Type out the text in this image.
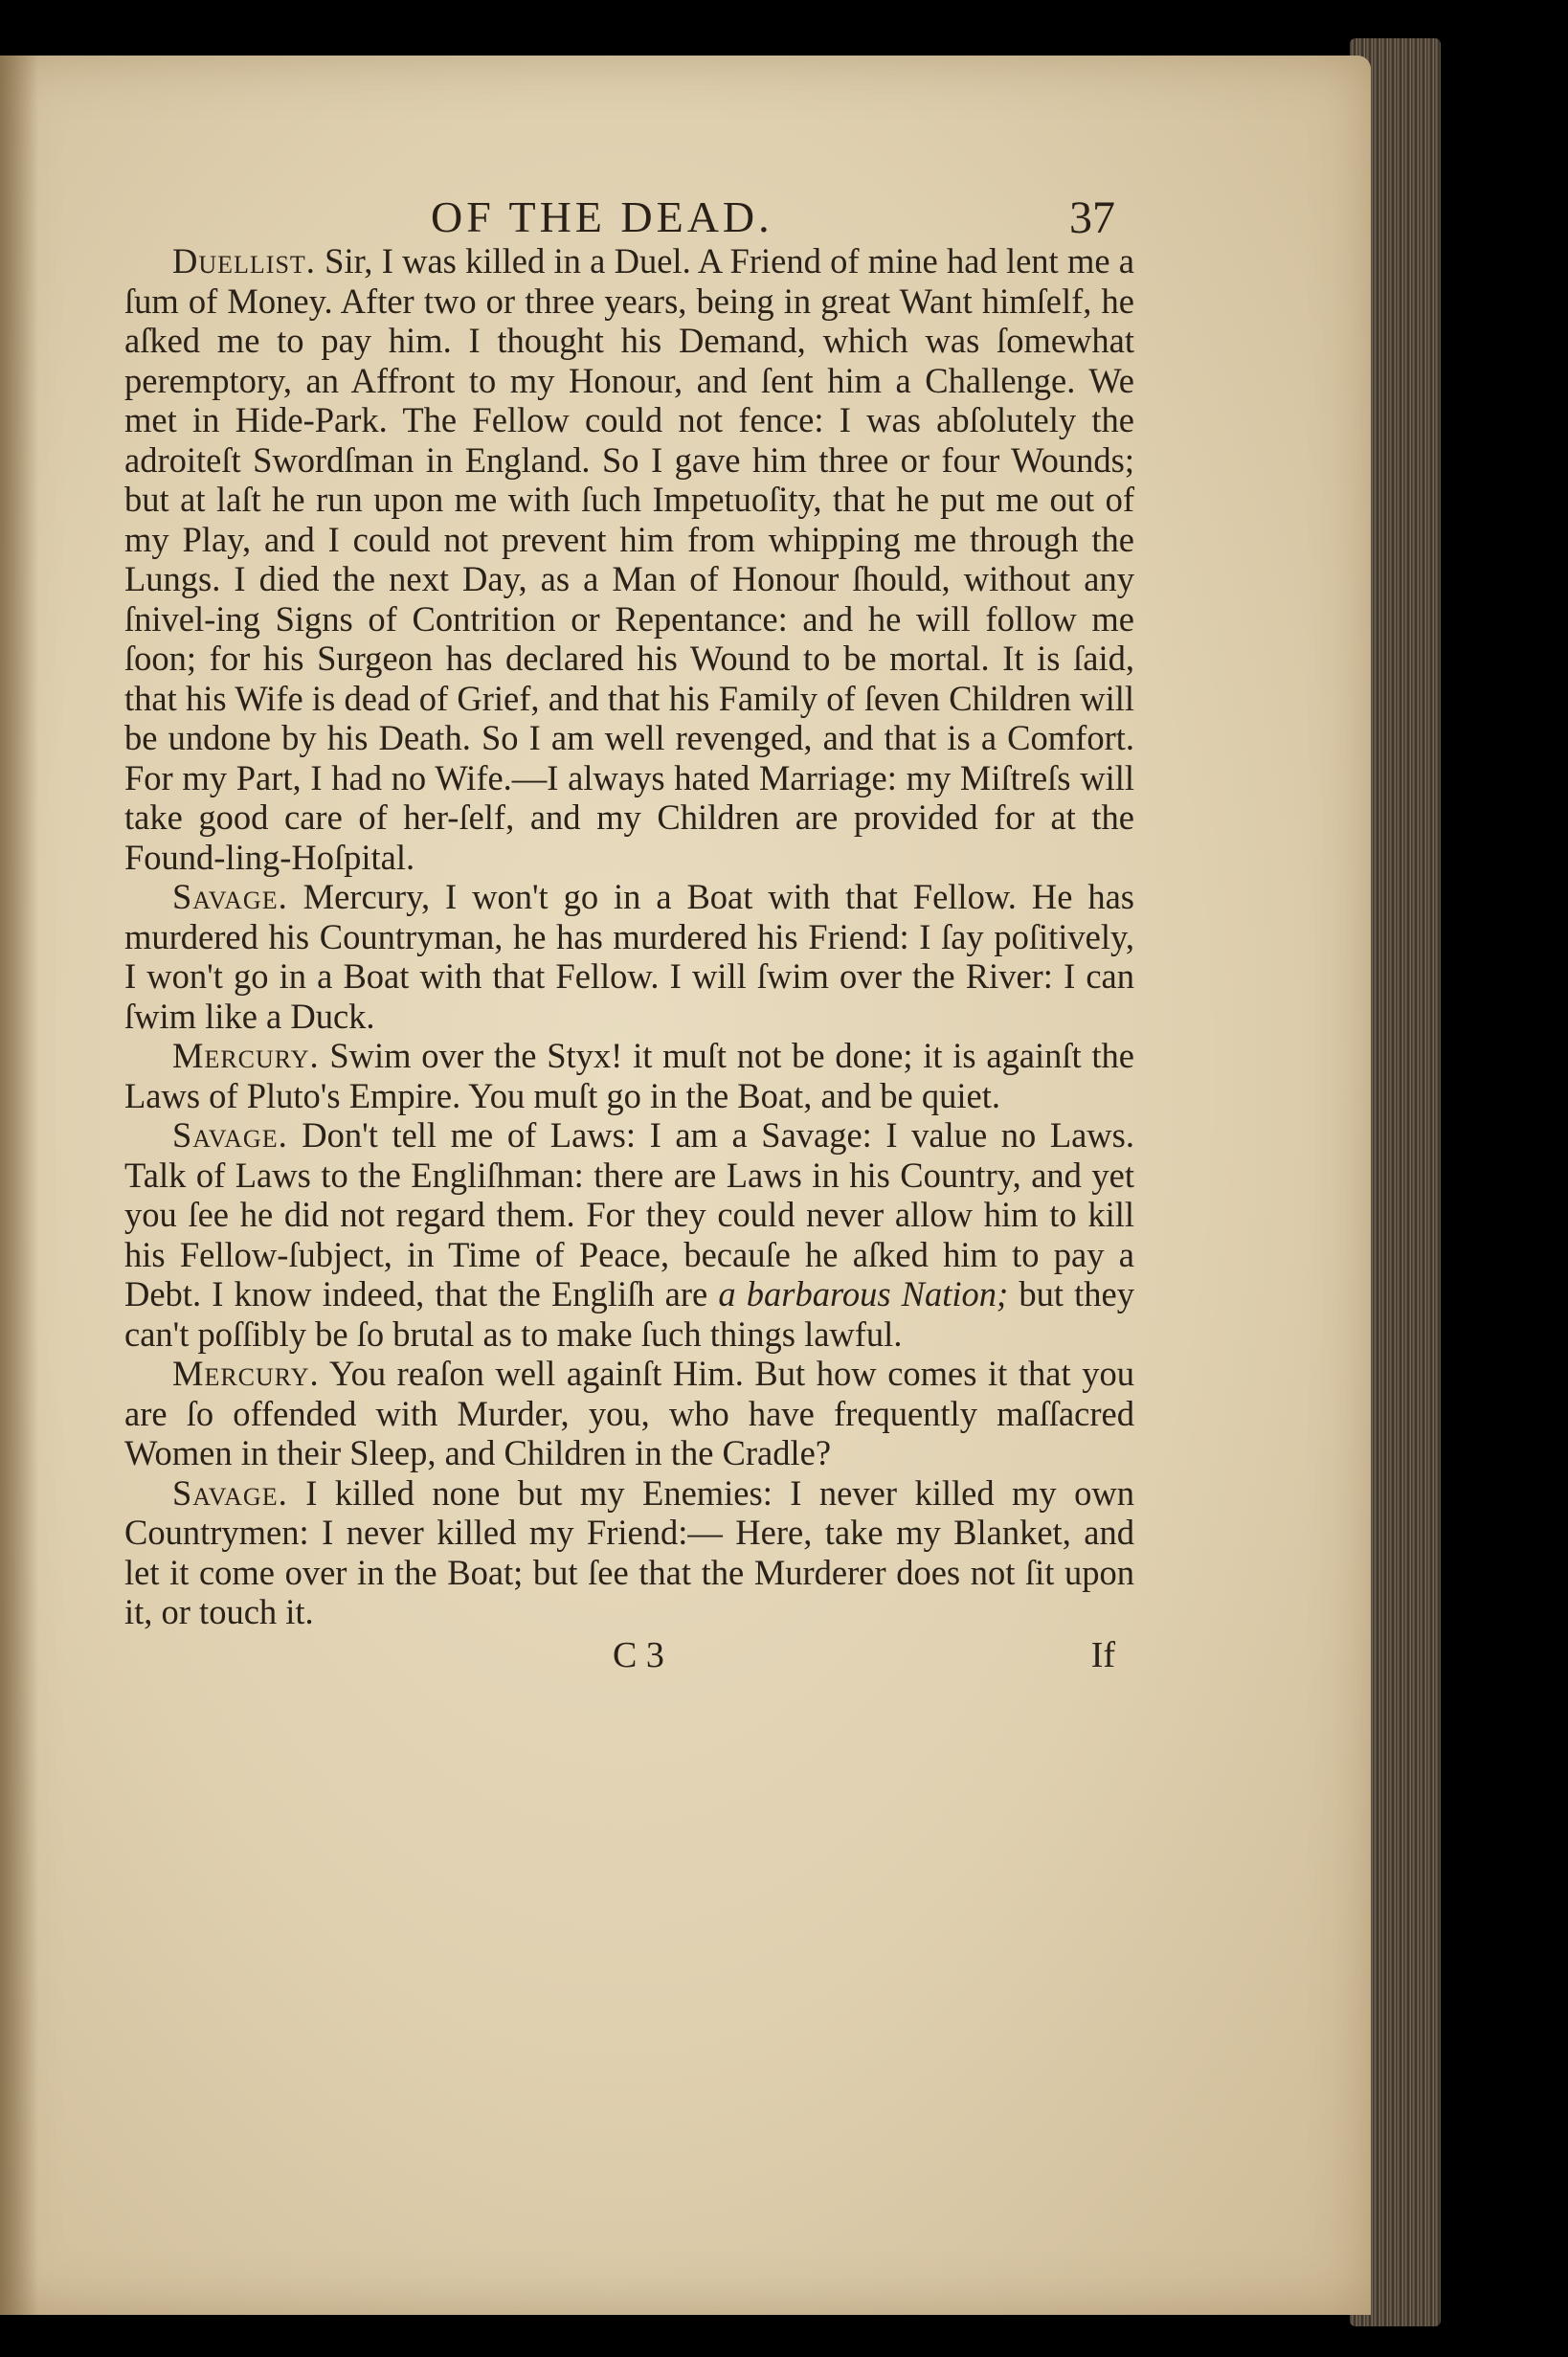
OF THE DEAD.	37

Duellist. Sir, I was killed in a Duel. A Friend of mine had lent me a ſum of Money. After two or three years, being in great Want himſelf, he aſked me to pay him. I thought his Demand, which was ſomewhat peremptory, an Affront to my Honour, and ſent him a Challenge. We met in Hide-Park. The Fellow could not fence: I was abſolutely the adroiteſt Swordſman in England. So I gave him three or four Wounds; but at laſt he run upon me with ſuch Impetuoſity, that he put me out of my Play, and I could not prevent him from whipping me through the Lungs. I died the next Day, as a Man of Honour ſhould, without any ſnivel-ing Signs of Contrition or Repentance: and he will follow me ſoon; for his Surgeon has declared his Wound to be mortal. It is ſaid, that his Wife is dead of Grief, and that his Family of ſeven Children will be undone by his Death. So I am well revenged, and that is a Comfort. For my Part, I had no Wife.—I always hated Marriage: my Miſtreſs will take good care of her-ſelf, and my Children are provided for at the Found-ling-Hoſpital.

Savage. Mercury, I won't go in a Boat with that Fellow. He has murdered his Countryman, he has murdered his Friend: I ſay poſitively, I won't go in a Boat with that Fellow. I will ſwim over the River: I can ſwim like a Duck.

Mercury. Swim over the Styx! it muſt not be done; it is againſt the Laws of Pluto's Empire. You muſt go in the Boat, and be quiet.

Savage. Don't tell me of Laws: I am a Savage: I value no Laws. Talk of Laws to the Engliſhman: there are Laws in his Country, and yet you ſee he did not regard them. For they could never allow him to kill his Fellow-ſubject, in Time of Peace, becauſe he aſked him to pay a Debt. I know indeed, that the Engliſh are a barbarous Nation; but they can't poſſibly be ſo brutal as to make ſuch things lawful.

Mercury. You reaſon well againſt Him. But how comes it that you are ſo offended with Murder, you, who have frequently maſſacred Women in their Sleep, and Children in the Cradle?

Savage. I killed none but my Enemies: I never killed my own Countrymen: I never killed my Friend:— Here, take my Blanket, and let it come over in the Boat; but ſee that the Murderer does not ſit upon it, or touch it.

C 3	If
